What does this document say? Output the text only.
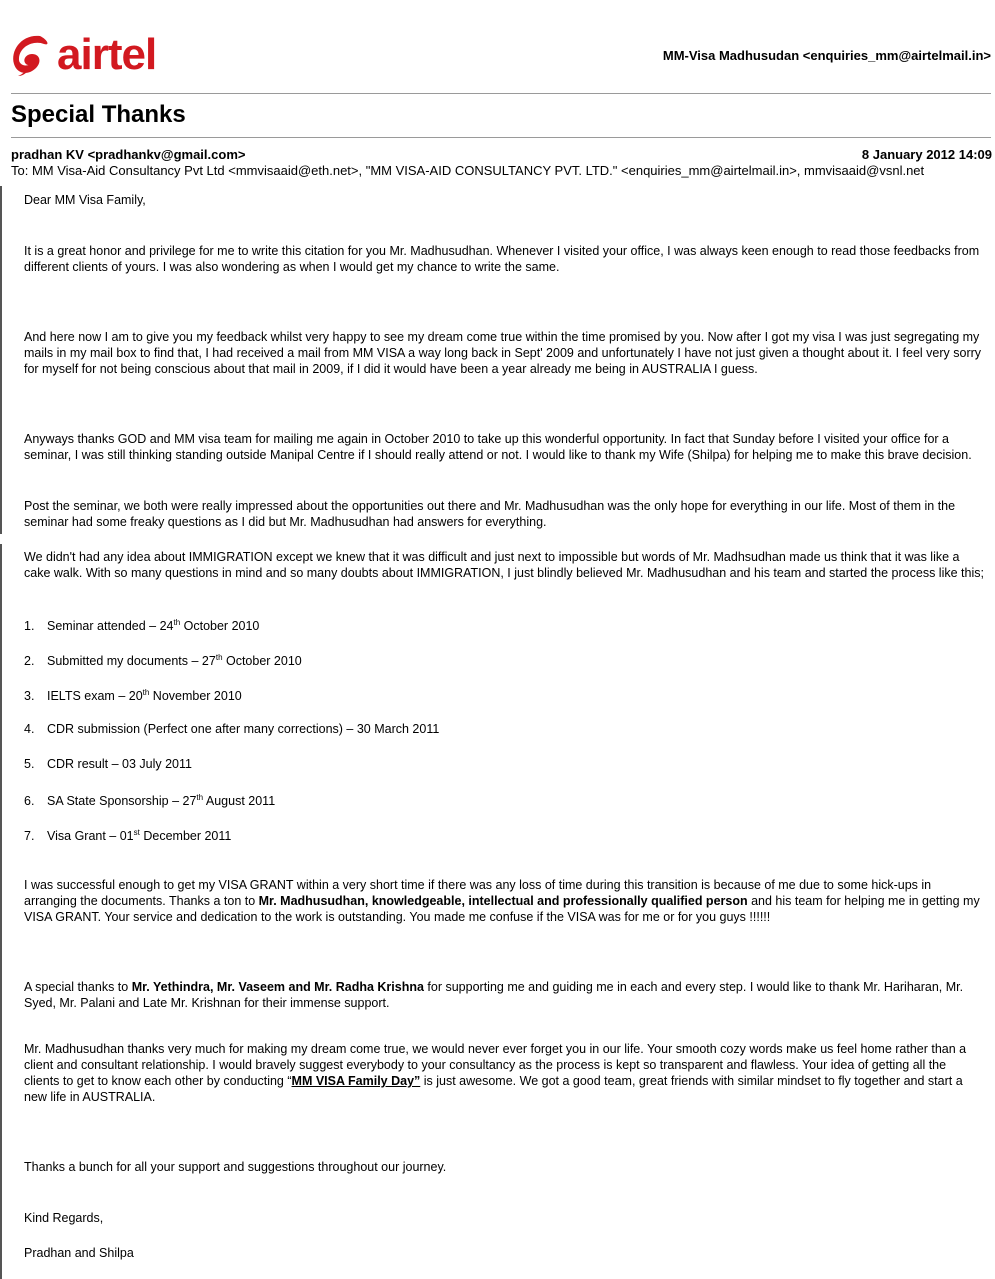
airtel	MM-Visa Madhusudan <enquiries_mm@airtelmail.in>
Special Thanks
pradhan KV <pradhankv@gmail.com>	8 January 2012 14:09
To: MM Visa-Aid Consultancy Pvt Ltd <mmvisaaid@eth.net>, "MM VISA-AID CONSULTANCY PVT. LTD." <enquiries_mm@airtelmail.in>, mmvisaaid@vsnl.net

Dear MM Visa Family,

It is a great honor and privilege for me to write this citation for you Mr. Madhusudhan. Whenever I visited your office, I was always keen enough to read those feedbacks from different clients of yours. I was also wondering as when I would get my chance to write the same.

And here now I am to give you my feedback whilst very happy to see my dream come true within the time promised by you. Now after I got my visa I was just segregating my mails in my mail box to find that, I had received a mail from MM VISA a way long back in Sept' 2009 and unfortunately I have not just given a thought about it. I feel very sorry for myself for not being conscious about that mail in 2009, if I did it would have been a year already me being in AUSTRALIA I guess.

Anyways thanks GOD and MM visa team for mailing me again in October 2010 to take up this wonderful opportunity. In fact that Sunday before I visited your office for a seminar, I was still thinking standing outside Manipal Centre if I should really attend or not. I would like to thank my Wife (Shilpa) for helping me to make this brave decision.

Post the seminar, we both were really impressed about the opportunities out there and Mr. Madhusudhan was the only hope for everything in our life. Most of them in the seminar had some freaky questions as I did but Mr. Madhusudhan had answers for everything.

We didn't had any idea about IMMIGRATION except we knew that it was difficult and just next to impossible but words of Mr. Madhsudhan made us think that it was like a cake walk. With so many questions in mind and so many doubts about IMMIGRATION, I just blindly believed Mr. Madhusudhan and his team and started the process like this;

1. Seminar attended – 24th October 2010
2. Submitted my documents – 27th October 2010
3. IELTS exam – 20th November 2010
4. CDR submission (Perfect one after many corrections) – 30 March 2011
5. CDR result – 03 July 2011
6. SA State Sponsorship – 27th August 2011
7. Visa Grant – 01st December 2011

I was successful enough to get my VISA GRANT within a very short time if there was any loss of time during this transition is because of me due to some hick-ups in arranging the documents. Thanks a ton to Mr. Madhusudhan, knowledgeable, intellectual and professionally qualified person and his team for helping me in getting my VISA GRANT. Your service and dedication to the work is outstanding. You made me confuse if the VISA was for me or for you guys !!!!!!

A special thanks to Mr. Yethindra, Mr. Vaseem and Mr. Radha Krishna for supporting me and guiding me in each and every step. I would like to thank Mr. Hariharan, Mr. Syed, Mr. Palani and Late Mr. Krishnan for their immense support.

Mr. Madhusudhan thanks very much for making my dream come true, we would never ever forget you in our life. Your smooth cozy words make us feel home rather than a client and consultant relationship. I would bravely suggest everybody to your consultancy as the process is kept so transparent and flawless. Your idea of getting all the clients to get to know each other by conducting “MM VISA Family Day” is just awesome. We got a good team, great friends with similar mindset to fly together and start a new life in AUSTRALIA.

Thanks a bunch for all your support and suggestions throughout our journey.

Kind Regards,

Pradhan and Shilpa
